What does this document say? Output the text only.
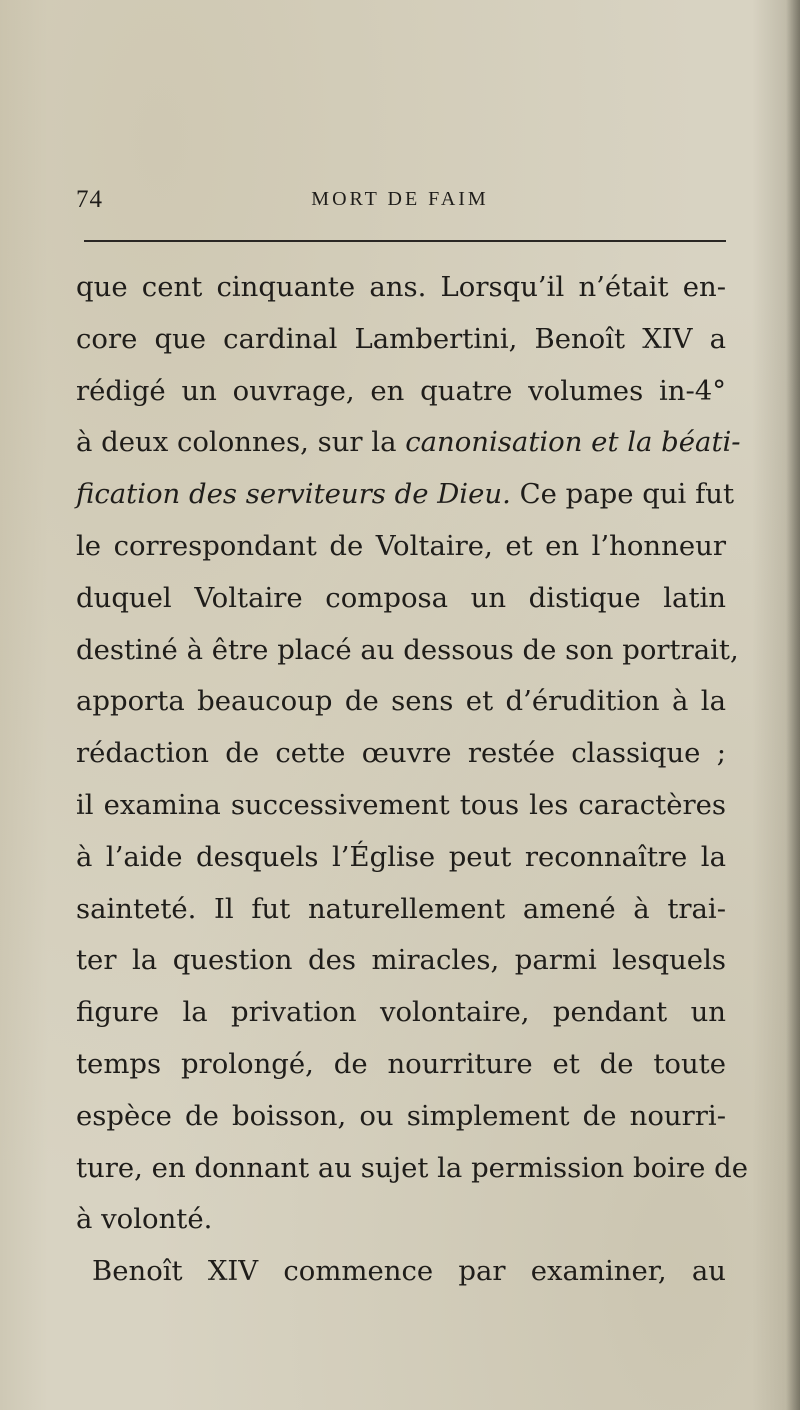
74	MORT DE FAIM
que cent cinquante ans. Lorsqu’il n’était en-
core que cardinal Lambertini, Benoît XIV a
rédigé un ouvrage, en quatre volumes in-4°
à deux colonnes, sur la canonisation et la béati-
fication des serviteurs de Dieu. Ce pape qui fut
le correspondant de Voltaire, et en l’honneur
duquel Voltaire composa un distique latin
destiné à être placé au dessous de son portrait,
apporta beaucoup de sens et d’érudition à la
rédaction de cette œuvre restée classique ;
il examina successivement tous les caractères
à l’aide desquels l’Église peut reconnaître la
sainteté. Il fut naturellement amené à trai-
ter la question des miracles, parmi lesquels
figure la privation volontaire, pendant un
temps prolongé, de nourriture et de toute
espèce de boisson, ou simplement de nourri-
ture, en donnant au sujet la permission boire de
à volonté.
Benoît XIV commence par examiner, au
